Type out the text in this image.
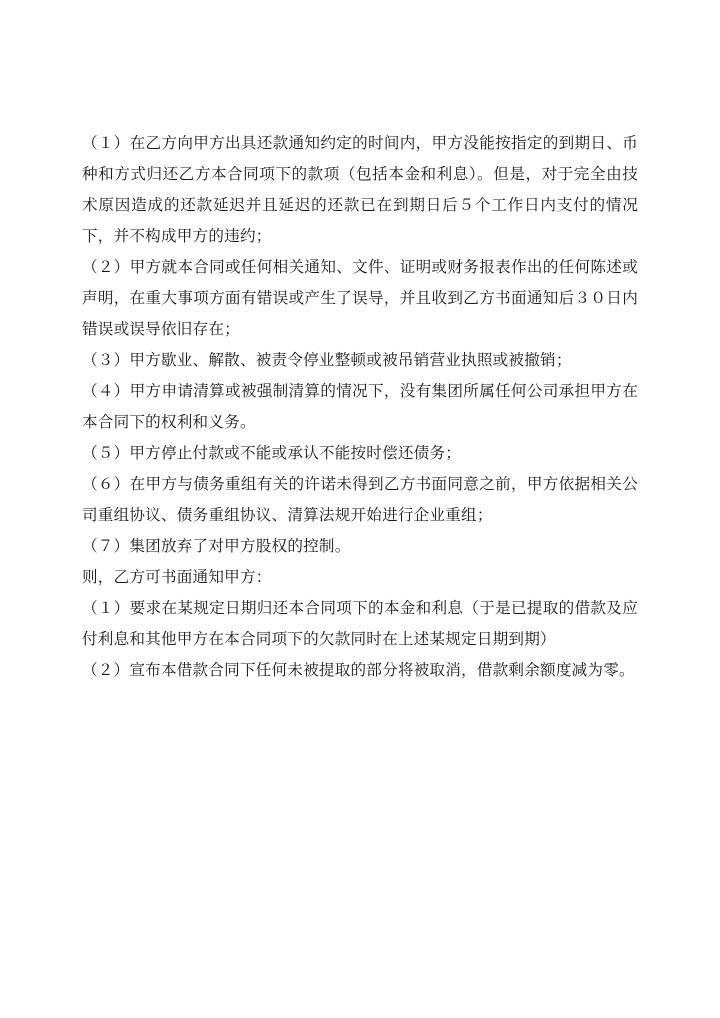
（１）在乙方向甲方出具还款通知约定的时间内，甲方没能按指定的到期日、币种和方式归还乙方本合同项下的款项（包括本金和利息）。但是，对于完全由技术原因造成的还款延迟并且延迟的还款已在到期日后５个工作日内支付的情况下，并不构成甲方的违约；

（２）甲方就本合同或任何相关通知、文件、证明或财务报表作出的任何陈述或声明，在重大事项方面有错误或产生了误导，并且收到乙方书面通知后３０日内错误或误导依旧存在；

（３）甲方歇业、解散、被责令停业整顿或被吊销营业执照或被撤销；

（４）甲方申请清算或被强制清算的情况下，没有集团所属任何公司承担甲方在本合同下的权利和义务。

（５）甲方停止付款或不能或承认不能按时偿还债务；

（６）在甲方与债务重组有关的许诺未得到乙方书面同意之前，甲方依据相关公司重组协议、债务重组协议、清算法规开始进行企业重组；

（７）集团放弃了对甲方股权的控制。

则，乙方可书面通知甲方：

（１）要求在某规定日期归还本合同项下的本金和利息（于是已提取的借款及应付利息和其他甲方在本合同项下的欠款同时在上述某规定日期到期）

（２）宣布本借款合同下任何未被提取的部分将被取消，借款剩余额度减为零。
